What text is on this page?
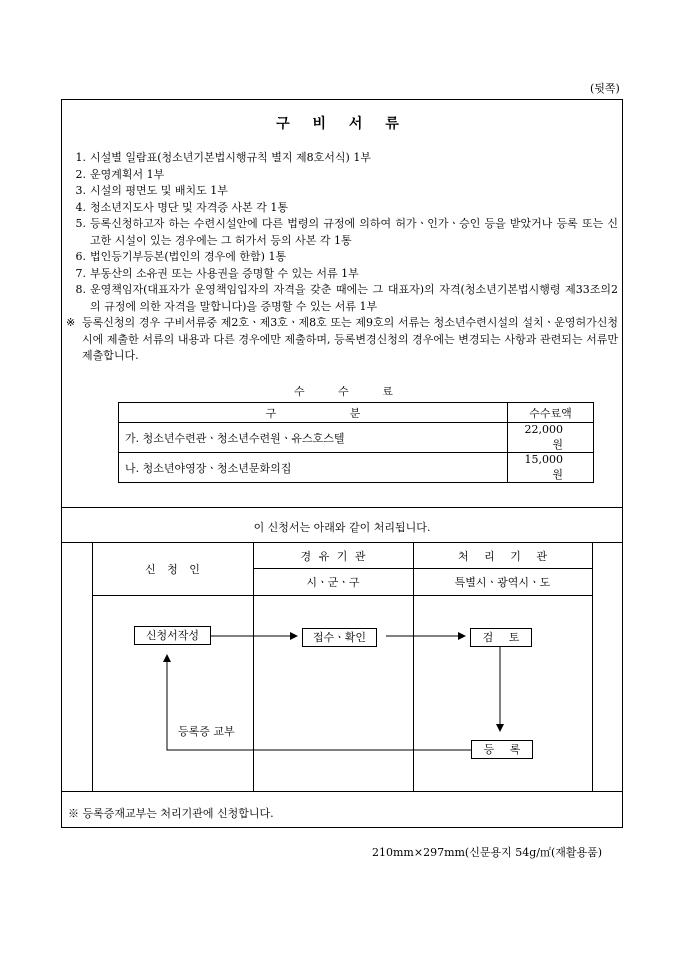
(뒷쪽)
구 비 서 류
1. 시설별 일람표(청소년기본법시행규칙 별지 제8호서식) 1부
2. 운영계획서 1부
3. 시설의 평면도 및 배치도 1부
4. 청소년지도사 명단 및 자격증 사본 각 1통
5. 등록신청하고자 하는 수련시설안에 다른 법령의 규정에 의하여 허가ㆍ인가ㆍ승인 등을 받았거나 등록 또는 신고한 시설이 있는 경우에는 그 허가서 등의 사본 각 1통
6. 법인등기부등본(법인의 경우에 한함) 1통
7. 부동산의 소유권 또는 사용권을 증명할 수 있는 서류 1부
8. 운영책임자(대표자가 운영책임입자의 자격을 갖춘 때에는 그 대표자)의 자격(청소년기본법시행령 제33조의2의 규정에 의한 자격을 말합니다)을 증명할 수 있는 서류 1부
※ 등록신청의 경우 구비서류중 제2호ㆍ제3호ㆍ제8호 또는 제9호의 서류는 청소년수련시설의 설치ㆍ운영허가신청시에 제출한 서류의 내용과 다른 경우에만 제출하며, 등록변경신청의 경우에는 변경되는 사항과 관련되는 서류만 제출합니다.
수 수 료
구 분	수수료액
가. 청소년수련관ㆍ청소년수련원ㆍ유스호스텔	22,000원
나. 청소년야영장ㆍ청소년문화의집	15,000원
이 신청서는 아래와 같이 처리됩니다.
신 청 인
경 유 기 관
시ㆍ군ㆍ구
처 리 기 관
특별시ㆍ광역시ㆍ도
신청서작성	접수ㆍ확인	검 토
등 록
등록증 교부
※ 등록증재교부는 처리기관에 신청합니다.
210mm×297mm(신문용지 54g/㎡(재활용품)
